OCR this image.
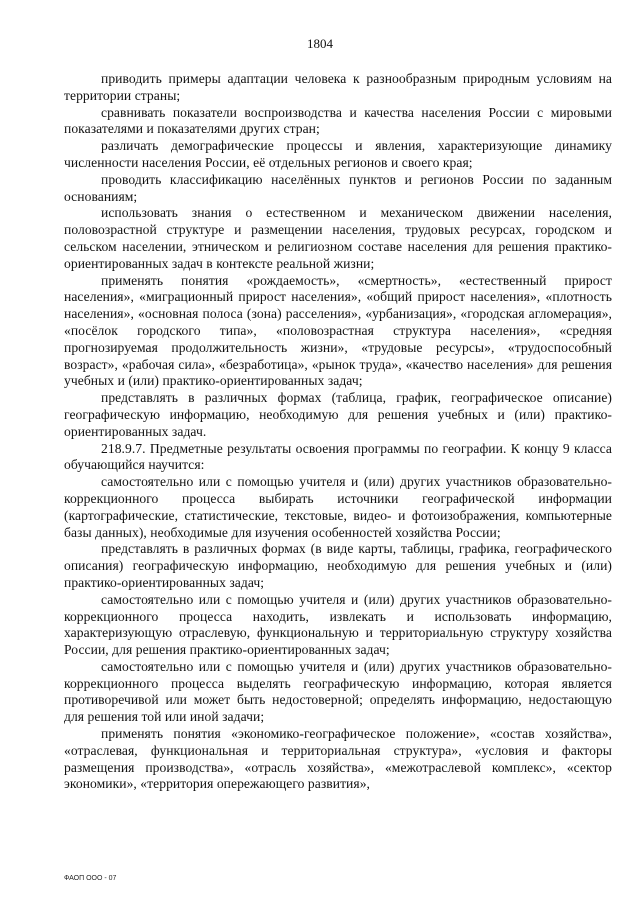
1804

приводить примеры адаптации человека к разнообразным природным условиям на территории страны;

сравнивать показатели воспроизводства и качества населения России с мировыми показателями и показателями других стран;

различать демографические процессы и явления, характеризующие динамику численности населения России, её отдельных регионов и своего края;

проводить классификацию населённых пунктов и регионов России по заданным основаниям;

использовать знания о естественном и механическом движении населения, половозрастной структуре и размещении населения, трудовых ресурсах, городском и сельском населении, этническом и религиозном составе населения для решения практико-ориентированных задач в контексте реальной жизни;

применять понятия «рождаемость», «смертность», «естественный прирост населения», «миграционный прирост населения», «общий прирост населения», «плотность населения», «основная полоса (зона) расселения», «урбанизация», «городская агломерация», «посёлок городского типа», «половозрастная структура населения», «средняя прогнозируемая продолжительность жизни», «трудовые ресурсы», «трудоспособный возраст», «рабочая сила», «безработица», «рынок труда», «качество населения» для решения учебных и (или) практико-ориентированных задач;

представлять в различных формах (таблица, график, географическое описание) географическую информацию, необходимую для решения учебных и (или) практико-ориентированных задач.

218.9.7. Предметные результаты освоения программы по географии. К концу 9 класса обучающийся научится:

самостоятельно или с помощью учителя и (или) других участников образовательно-коррекционного процесса выбирать источники географической информации (картографические, статистические, текстовые, видео- и фотоизображения, компьютерные базы данных), необходимые для изучения особенностей хозяйства России;

представлять в различных формах (в виде карты, таблицы, графика, географического описания) географическую информацию, необходимую для решения учебных и (или) практико-ориентированных задач;

самостоятельно или с помощью учителя и (или) других участников образовательно-коррекционного процесса находить, извлекать и использовать информацию, характеризующую отраслевую, функциональную и территориальную структуру хозяйства России, для решения практико-ориентированных задач;

самостоятельно или с помощью учителя и (или) других участников образовательно-коррекционного процесса выделять географическую информацию, которая является противоречивой или может быть недостоверной; определять информацию, недостающую для решения той или иной задачи;

применять понятия «экономико-географическое положение», «состав хозяйства», «отраслевая, функциональная и территориальная структура», «условия и факторы размещения производства», «отрасль хозяйства», «межотраслевой комплекс», «сектор экономики», «территория опережающего развития»,

ФАОП ООО - 07
